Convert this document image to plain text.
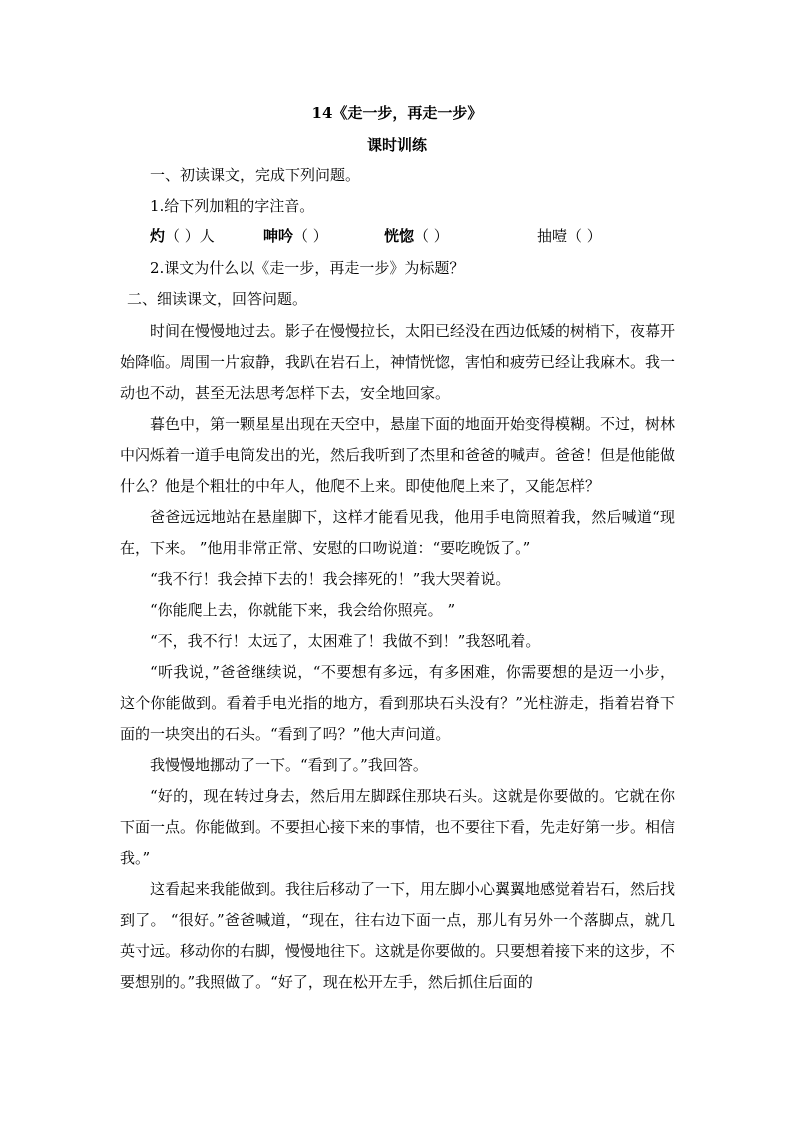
14《走一步，再走一步》
课时训练
一、初读课文，完成下列问题。
1.给下列加粗的字注音。
灼（ ）人	呻吟（ ）	恍惚（ ）	抽噎（ ）
2.课文为什么以《走一步，再走一步》为标题？
二、细读课文，回答问题。

时间在慢慢地过去。影子在慢慢拉长，太阳已经没在西边低矮的树梢下，夜幕开始降临。周围一片寂静，我趴在岩石上，神情恍惚，害怕和疲劳已经让我麻木。我一动也不动，甚至无法思考怎样下去，安全地回家。

暮色中，第一颗星星出现在天空中，悬崖下面的地面开始变得模糊。不过，树林中闪烁着一道手电筒发出的光，然后我听到了杰里和爸爸的喊声。爸爸！但是他能做什么？他是个粗壮的中年人，他爬不上来。即使他爬上来了，又能怎样？

爸爸远远地站在悬崖脚下，这样才能看见我，他用手电筒照着我，然后喊道“现在，下来。 ”他用非常正常、安慰的口吻说道：“要吃晚饭了。”

“我不行！我会掉下去的！我会摔死的！”我大哭着说。

“你能爬上去，你就能下来，我会给你照亮。 ”

“不，我不行！太远了，太困难了！我做不到！”我怒吼着。

“听我说，”爸爸继续说，“不要想有多远，有多困难，你需要想的是迈一小步，这个你能做到。看着手电光指的地方，看到那块石头没有？”光柱游走，指着岩脊下面的一块突出的石头。“看到了吗？”他大声问道。

我慢慢地挪动了一下。“看到了。”我回答。

“好的，现在转过身去，然后用左脚踩住那块石头。这就是你要做的。它就在你下面一点。你能做到。不要担心接下来的事情，也不要往下看，先走好第一步。相信我。”

这看起来我能做到。我往后移动了一下，用左脚小心翼翼地感觉着岩石，然后找到了。 “很好。”爸爸喊道，“现在，往右边下面一点，那儿有另外一个落脚点，就几英寸远。移动你的右脚，慢慢地往下。这就是你要做的。只要想着接下来的这步，不要想别的。”我照做了。“好了，现在松开左手，然后抓住后面的
